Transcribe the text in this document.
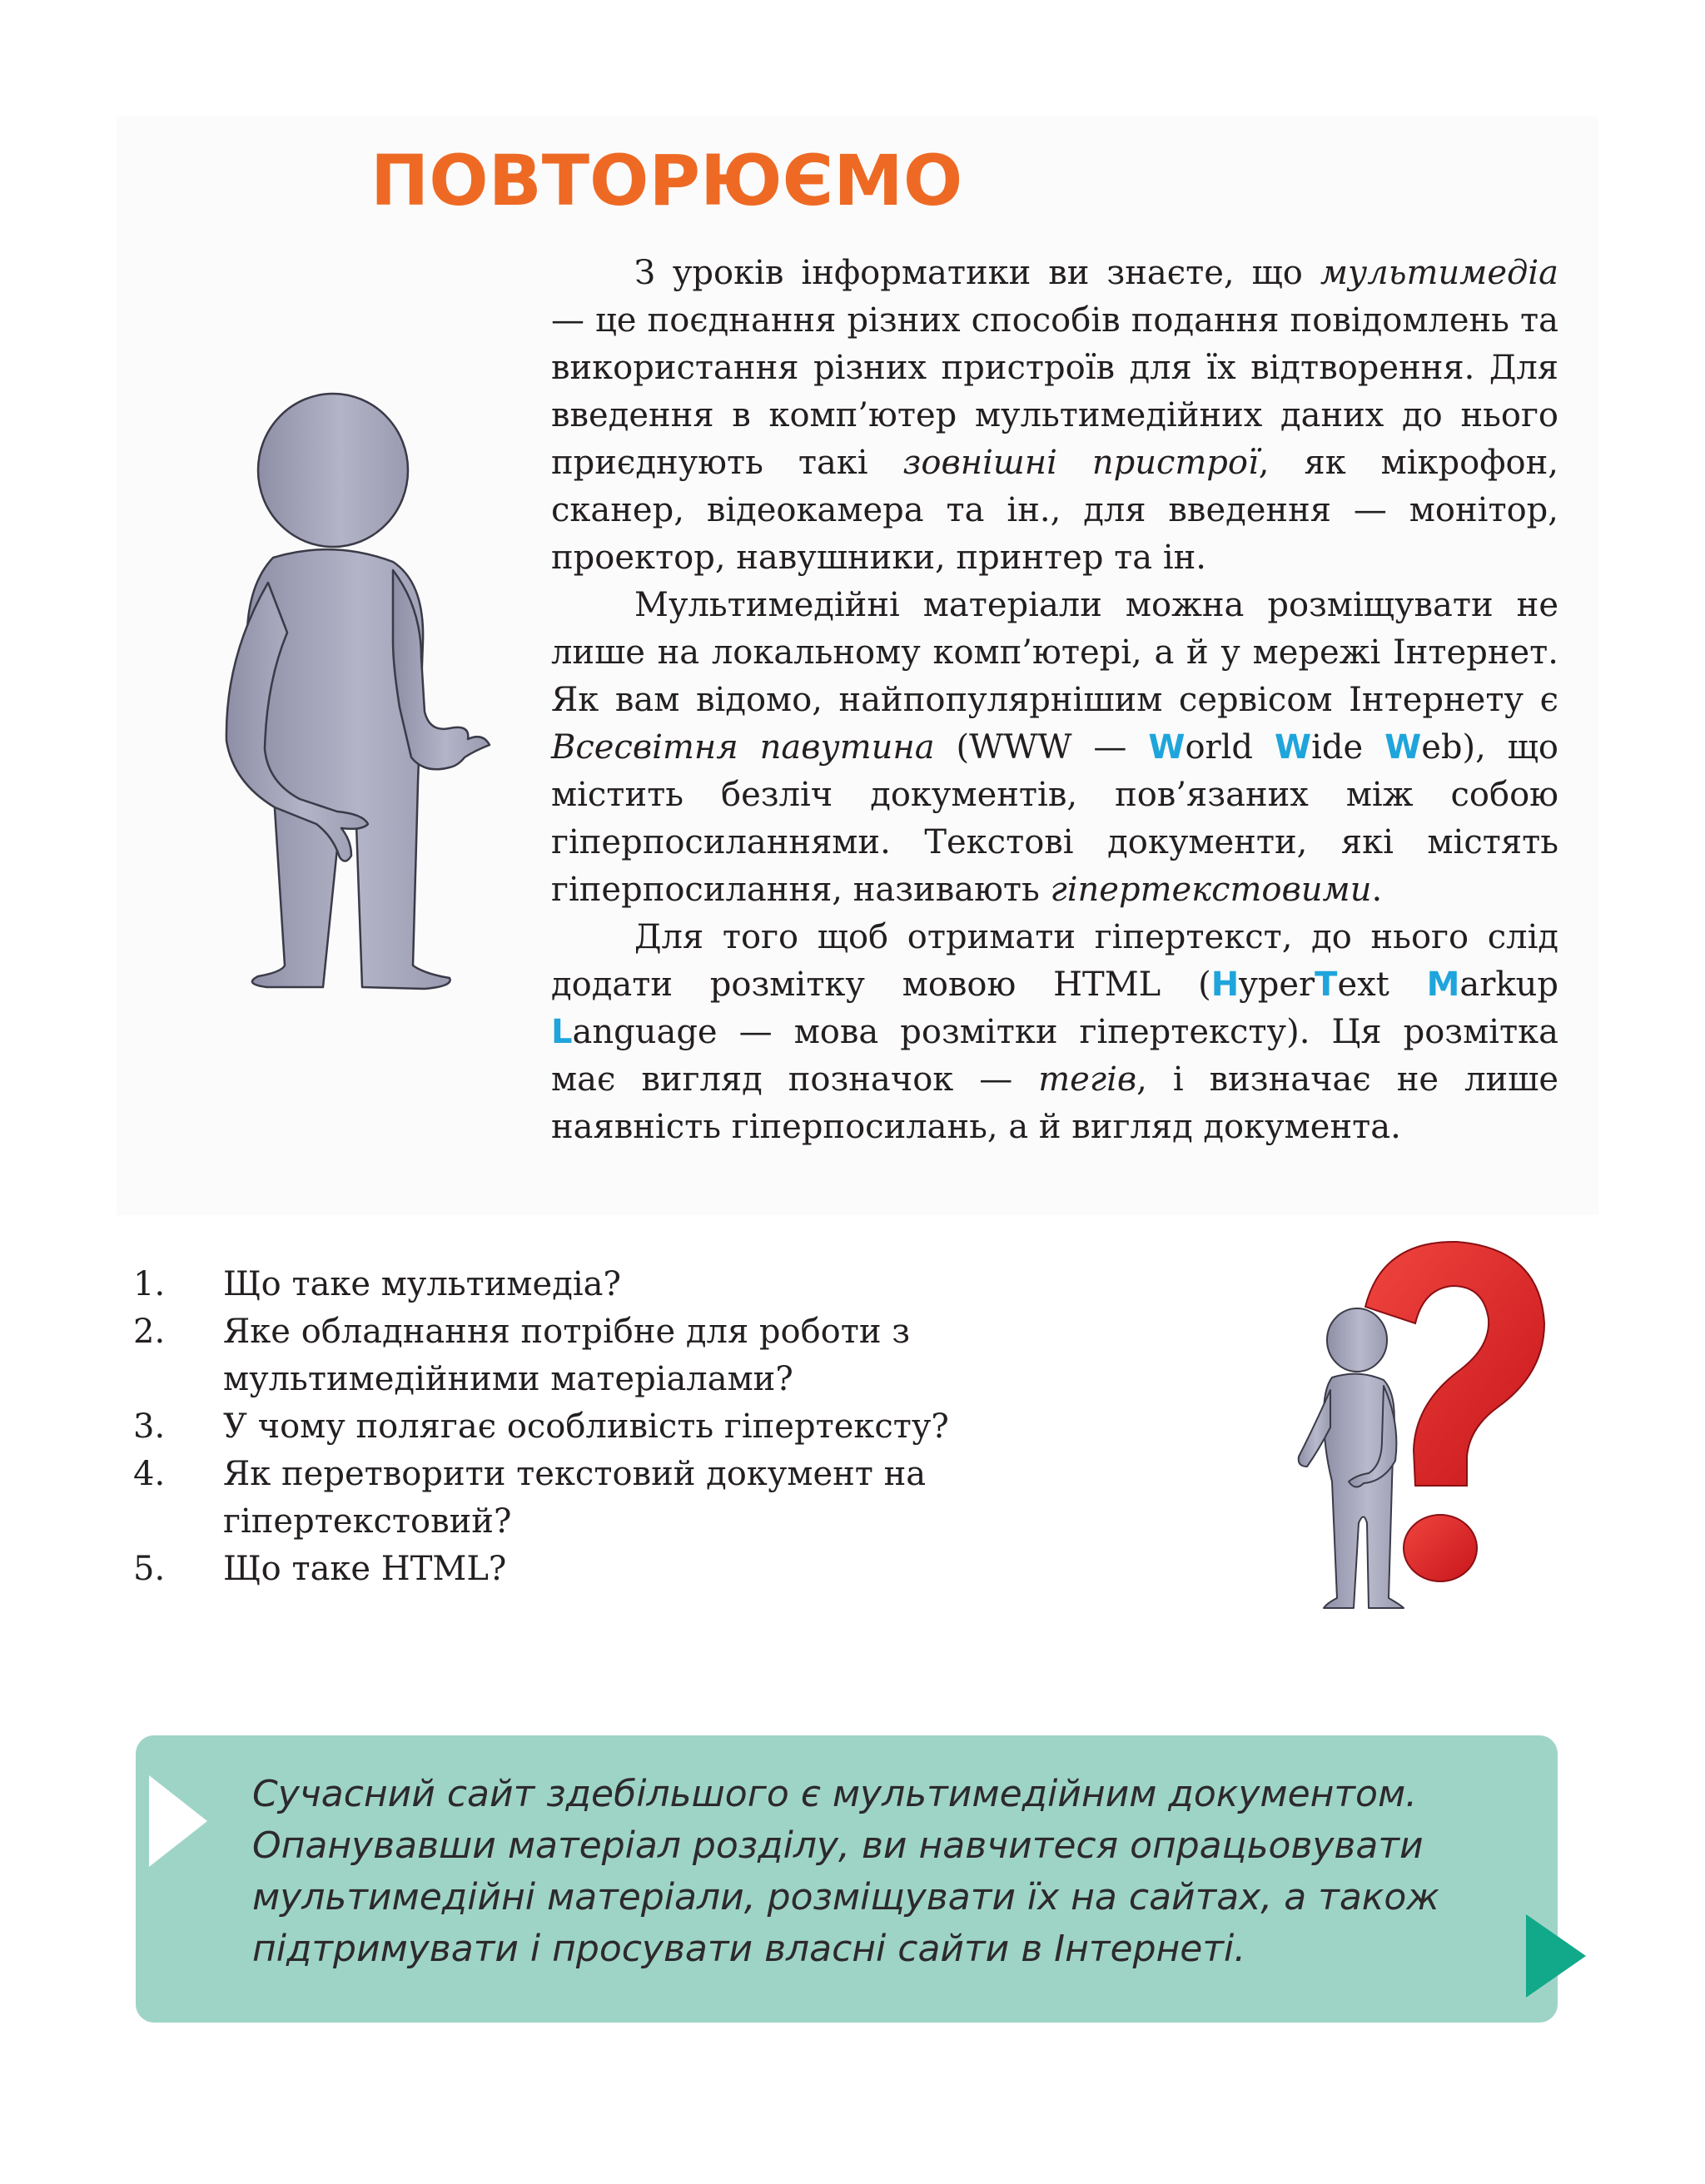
ПОВТОРЮЄМО

З уроків інформатики ви знаєте, що мультимедіа — це поєднання різних способів подання повідомлень та використання різних пристроїв для їх відтворення. Для введення в комп’ютер мультимедійних даних до нього приєднують такі зовнішні пристрої, як мікрофон, сканер, відеокамера та ін., для введення — монітор, проектор, навушники, принтер та ін.

Мультимедійні матеріали можна розміщувати не лише на локальному комп’ютері, а й у мережі Інтернет. Як вам відомо, найпопулярнішим сервісом Інтернету є Всесвітня павутина (WWW — World Wide Web), що містить безліч документів, пов’язаних між собою гіперпосиланнями. Текстові документи, які містять гіперпосилання, називають гіпертекстовими.

Для того щоб отримати гіпертекст, до нього слід додати розмітку мовою HTML (HyperText Markup Language — мова розмітки гіпертексту). Ця розмітка має вигляд позначок — тегів, і визначає не лише наявність гіперпосилань, а й вигляд документа.

1. Що таке мультимедіа?
2. Яке обладнання потрібне для роботи з мультимедійними матеріалами?
3. У чому полягає особливість гіпертексту?
4. Як перетворити текстовий документ на гіпертекстовий?
5. Що таке HTML?

Сучасний сайт здебільшого є мультимедійним документом. Опанувавши матеріал розділу, ви навчитеся опрацьовувати мультимедійні матеріали, розміщувати їх на сайтах, а також підтримувати і просувати власні сайти в Інтернеті.
